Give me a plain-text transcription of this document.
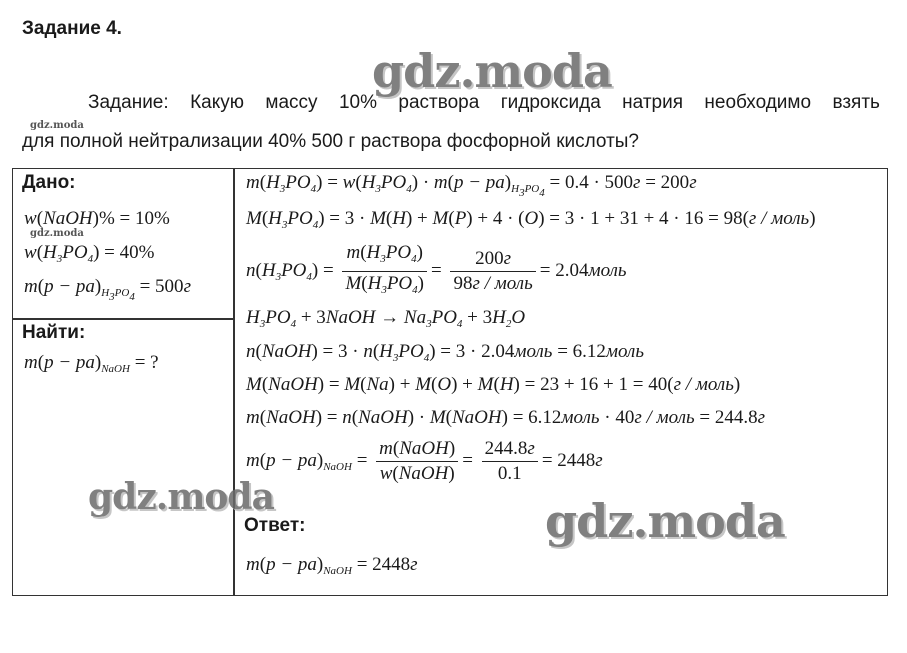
Задание 4.
gdz.moda
gdz.moda
gdz.moda
Задание: Какую массу 10% раствора гидроксида натрия необходимо взять
для полной нейтрализации 40% 500 г раствора фосфорной кислоты?
Дано:
w(NaOH)% = 10%
$w(H_3PO_4) = 40\%$
$m(p - pa)_{H_3PO_4} = 500г$
Найти:
$m(p - pa)_{NaOH}$ = ?
$m(H_3PO_4) = w(H_3PO_4) \cdot m(p - pa)_{H_3PO_4} = 0.4 \cdot 500г = 200г$
$M(H_3PO_4) = 3 \cdot M(H) + M(P) + 4 \cdot (O) = 3 \cdot 1 + 31 + 4 \cdot 16 = 98(г$ / моль)
$n(H_3PO_4) = \frac{m(H_3PO_4)}{M(H_3PO_4)} = \frac{200г}{\text{98г / моль}}$ = 2.04моль
$H_3PO_4$ + 3NaOH → $Na_3PO_4 + 3H_2O$
n(NaOH) = $3 \cdot n(H_3PO_4) = 3$ · 2.04моль = 6.12моль
M(NaOH) = M(Na) + M(O) + M(H) = 23 + 16 + 1 = 40(г / моль)
m(NaOH) = n(NaOH) · M(NaOH) = 6.12моль · 40г / моль = 244.8г
$m(p - pa)_{NaOH} = \frac{\text{m(NaOH)}}{\text{w(NaOH)}} = \frac{244.8г}{0.1} = 2448г$
gdz.moda	gdz.moda
Ответ:
$m(p - pa)_{NaOH} = 2448г$
